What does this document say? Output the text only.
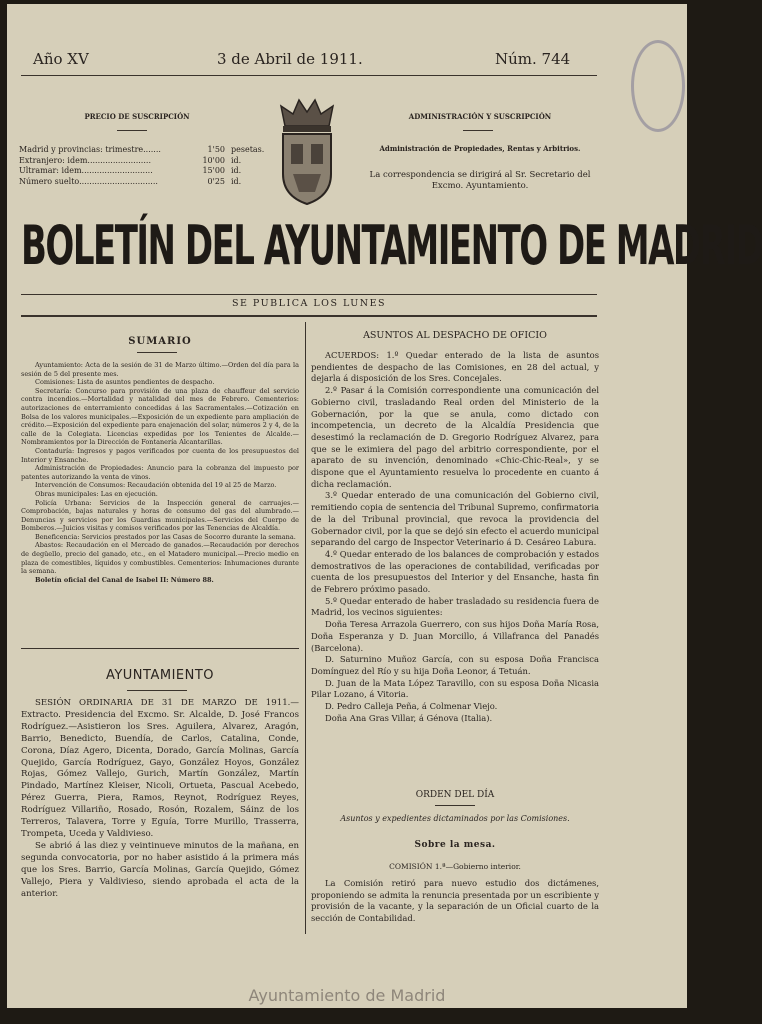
Año XV	3 de Abril de 1911.	Núm. 744
PRECIO DE SUSCRIPCIÓN
Madrid y provincias: trimestre.......	1'50 pesetas.
Extranjero: idem.........................	10'00 id.
Ultramar: idem............................	15'00 id.
Número suelto...............................	0'25 id.
ADMINISTRACIÓN Y SUSCRIPCIÓN
Administración de Propiedades, Rentas y Arbitrios.
La correspondencia se dirigirá al Sr. Secretario del Excmo. Ayuntamiento.
BOLETÍN DEL AYUNTAMIENTO DE MADRID
SE PUBLICA LOS LUNES
SUMARIO

Ayuntamiento: Acta de la sesión de 31 de Marzo último.—Orden del día para la sesión de 5 del presente mes.

Comisiones: Lista de asuntos pendientes de despacho.

Secretaría: Concurso para provisión de una plaza de chauffeur del servicio contra incendios.—Mortalidad y natalidad del mes de Febrero. Cementerios: autorizaciones de enterramiento concedidas á las Sacramentales.—Cotización en Bolsa de los valores municipales.—Exposición de un expediente para ampliación de crédito.—Exposición del expediente para enajenación del solar, números 2 y 4, de la calle de la Colegiata. Licencias expedidas por los Tenientes de Alcalde.—Nombramientos por la Dirección de Fontanería Alcantarillas.

Contaduría: Ingresos y pagos verificados por cuenta de los presupuestos del Interior y Ensanche.

Administración de Propiedades: Anuncio para la cobranza del impuesto por patentes autorizando la venta de vinos.

Intervención de Consumos: Recaudación obtenida del 19 al 25 de Marzo.

Obras municipales: Las en ejecución.

Policía Urbana: Servicios de la Inspección general de carruajes.—Comprobación, bajas naturales y horas de consumo del gas del alumbrado.—Denuncias y servicios por los Guardias municipales.—Servicios del Cuerpo de Bomberos.—Juicios visitas y comisos verificados por las Tenencias de Alcaldía.

Beneficencia: Servicios prestados por las Casas de Socorro durante la semana.

Abastos: Recaudación en el Mercado de ganados.—Recaudación por derechos de degüello, precio del ganado, etc., en el Matadero municipal.—Precio medio en plaza de comestibles, líquidos y combustibles. Cementerios: Inhumaciones durante la semana.

Boletín oficial del Canal de Isabel II: Número 88.

AYUNTAMIENTO

SESIÓN ORDINARIA DE 31 DE MARZO DE 1911.—Extracto. Presidencia del Excmo. Sr. Alcalde, D. José Francos Rodríguez.—Asistieron los Sres. Aguilera, Alvarez, Aragón, Barrio, Benedicto, Buendía, de Carlos, Catalina, Conde, Corona, Díaz Agero, Dicenta, Dorado, García Molinas, García Quejido, García Rodríguez, Gayo, González Hoyos, González Rojas, Gómez Vallejo, Gurich, Martín González, Martín Pindado, Martínez Kleiser, Nicoli, Ortueta, Pascual Acebedo, Pérez Guerra, Piera, Ramos, Reynot, Rodríguez Reyes, Rodríguez Villariño, Rosado, Rosón, Rozalem, Sáinz de los Terreros, Talavera, Torre y Eguía, Torre Murillo, Trasserra, Trompeta, Uceda y Valdivieso.

Se abrió á las diez y veintinueve minutos de la mañana, en segunda convocatoria, por no haber asistido á la primera más que los Sres. Barrio, García Molinas, García Quejido, Gómez Vallejo, Piera y Valdivieso, siendo aprobada el acta de la anterior.

ASUNTOS AL DESPACHO DE OFICIO

ACUERDOS: 1.º Quedar enterado de la lista de asuntos pendientes de despacho de las Comisiones, en 28 del actual, y dejarla á disposición de los Sres. Concejales.

2.º Pasar á la Comisión correspondiente una comunicación del Gobierno civil, trasladando Real orden del Ministerio de la Gobernación, por la que se anula, como dictado con incompetencia, un decreto de la Alcaldía Presidencia que desestimó la reclamación de D. Gregorio Rodríguez Alvarez, para que se le eximiera del pago del arbitrio correspondiente, por el aparato de su invención, denominado «Chic-Chic-Real», y se dispone que el Ayuntamiento resuelva lo procedente en cuanto á dicha reclamación.

3.º Quedar enterado de una comunicación del Gobierno civil, remitiendo copia de sentencia del Tribunal Supremo, confirmatoria de la del Tribunal provincial, que revoca la providencia del Gobernador civil, por la que se dejó sin efecto el acuerdo municipal separando del cargo de Inspector Veterinario á D. Cesáreo Labura.

4.º Quedar enterado de los balances de comprobación y estados demostrativos de las operaciones de contabilidad, verificadas por cuenta de los presupuestos del Interior y del Ensanche, hasta fin de Febrero próximo pasado.

5.º Quedar enterado de haber trasladado su residencia fuera de Madrid, los vecinos siguientes:

Doña Teresa Arrazola Guerrero, con sus hijos Doña María Rosa, Doña Esperanza y D. Juan Morcillo, á Villafranca del Panadés (Barcelona).

D. Saturnino Muñoz García, con su esposa Doña Francisca Domínguez del Río y su hija Doña Leonor, á Tetuán.

D. Juan de la Mata López Taravillo, con su esposa Doña Nicasia Pilar Lozano, á Vitoria.

D. Pedro Calleja Peña, á Colmenar Viejo.

Doña Ana Gras Villar, á Génova (Italia).

ORDEN DEL DÍA
Asuntos y expedientes dictaminados por las Comisiones.
Sobre la mesa.
COMISIÓN 1.ª—Gobierno interior.

La Comisión retiró para nuevo estudio dos dictámenes, proponiendo se admita la renuncia presentada por un escribiente y provisión de la vacante, y la separación de un Oficial cuarto de la sección de Contabilidad.

Ayuntamiento de Madrid
